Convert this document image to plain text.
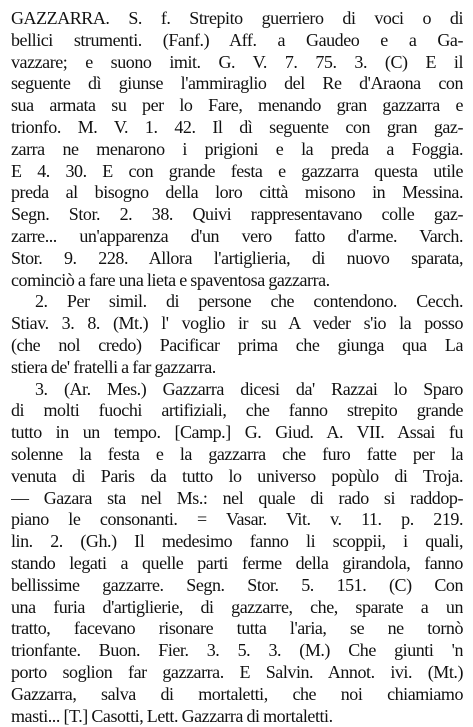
GAZZARRA. S. f. Strepito guerriero di voci o di
bellici strumenti. (Fanf.) Aff. a Gaudeo e a Ga-
vazzare; e suono imit. G. V. 7. 75. 3. (C) E il
seguente dì giunse l'ammiraglio del Re d'Araona con
sua armata su per lo Fare, menando gran gazzarra e
trionfo. M. V. 1. 42. Il dì seguente con gran gaz-
zarra ne menarono i prigioni e la preda a Foggia.
E 4. 30. E con grande festa e gazzarra questa utile
preda al bisogno della loro città misono in Messina.
Segn. Stor. 2. 38. Quivi rappresentavano colle gaz-
zarre... un'apparenza d'un vero fatto d'arme. Varch.
Stor. 9. 228. Allora l'artiglieria, di nuovo sparata,
cominciò a fare una lieta e spaventosa gazzarra.
2. Per simil. di persone che contendono. Cecch.
Stiav. 3. 8. (Mt.) l' voglio ir su A veder s'io la posso
(che nol credo) Pacificar prima che giunga qua La
stiera de' fratelli a far gazzarra.
3. (Ar. Mes.) Gazzarra dicesi da' Razzai lo Sparo
di molti fuochi artifiziali, che fanno strepito grande
tutto in un tempo. [Camp.] G. Giud. A. VII. Assai fu
solenne la festa e la gazzarra che furo fatte per la
venuta di Paris da tutto lo universo popùlo di Troja.
— Gazara sta nel Ms.: nel quale di rado si raddop-
piano le consonanti. = Vasar. Vit. v. 11. p. 219.
lin. 2. (Gh.) Il medesimo fanno li scoppii, i quali,
stando legati a quelle parti ferme della girandola, fanno
bellissime gazzarre. Segn. Stor. 5. 151. (C) Con
una furia d'artiglierie, di gazzarre, che, sparate a un
tratto, facevano risonare tutta l'aria, se ne tornò
trionfante. Buon. Fier. 3. 5. 3. (M.) Che giunti 'n
porto soglion far gazzarra. E Salvin. Annot. ivi. (Mt.)
Gazzarra, salva di mortaletti, che noi chiamiamo
masti... [T.] Casotti, Lett. Gazzarra di mortaletti.
